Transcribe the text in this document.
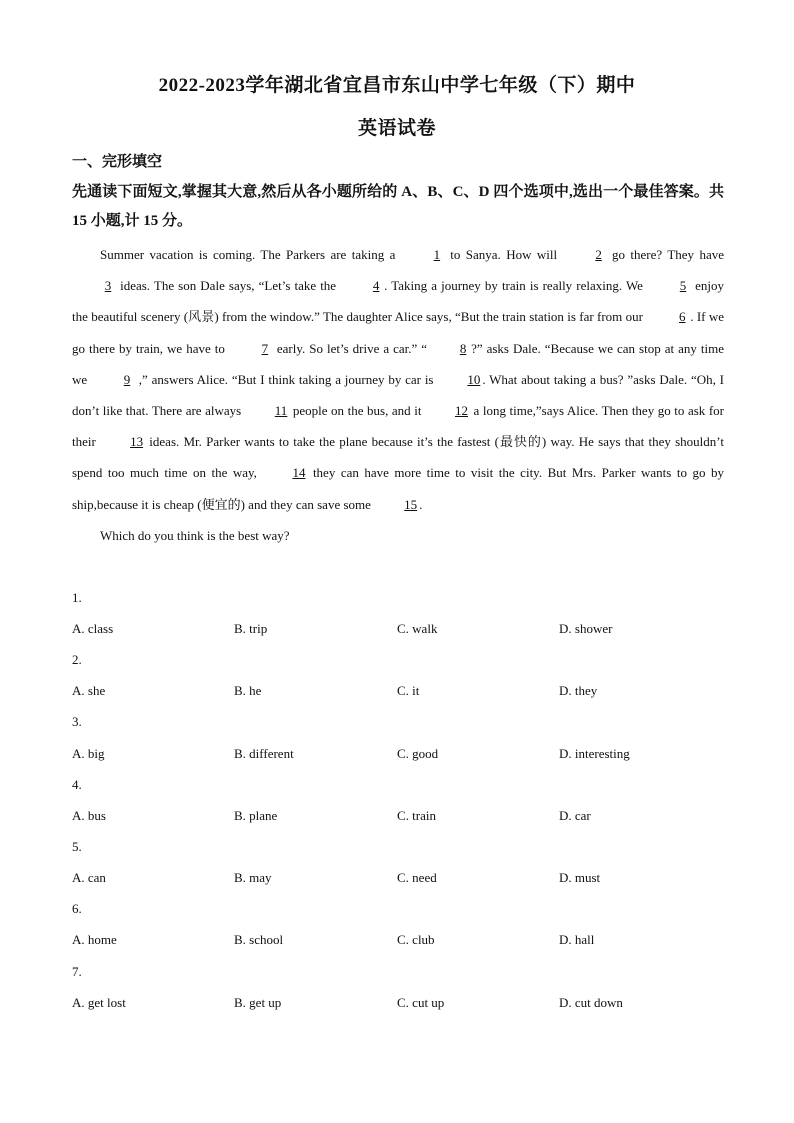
2022-2023学年湖北省宜昌市东山中学七年级（下）期中
英语试卷
一、完形填空
先通读下面短文,掌握其大意,然后从各小题所给的 A、B、C、D 四个选项中,选出一个最佳答案。共 15 小题,计 15 分。

Summer vacation is coming. The Parkers are taking a	1 to Sanya. How will	2 go there? They have 3 ideas. The son Dale says, “Let’s take the	4 . Taking a journey by train is really relaxing. We	5 enjoy the beautiful scenery (风景) from the window.” The daughter Alice says, “But the train station is far from our	6 . If we go there by train, we have to	7 early. So let’s drive a car.” “	8 ?” asks Dale. “Because we can stop at any time we	9 ,” answers Alice. “But I think taking a journey by car is 10 . What about taking a bus? ”asks Dale. “Oh, I don’t like that. There are always 11 people on the bus, and it 12 a long time,”says Alice. Then they go to ask for their 13 ideas. Mr. Parker wants to take the plane because it’s the fastest (最快的) way. He says that they shouldn’t spend too much time on the way, 14 they can have more time to visit the city. But Mrs. Parker wants to go by ship,because it is cheap (便宜的) and they can save some 15 .

Which do you think is the best way?

1.
A. class	B. trip	C. walk	D. shower
2.
A. she	B. he	C. it	D. they
3.
A. big	B. different	C. good	D. interesting
4.
A. bus	B. plane	C. train	D. car
5.
A. can	B. may	C. need	D. must
6.
A. home	B. school	C. club	D. hall
7.
A. get lost	B. get up	C. cut up	D. cut down
